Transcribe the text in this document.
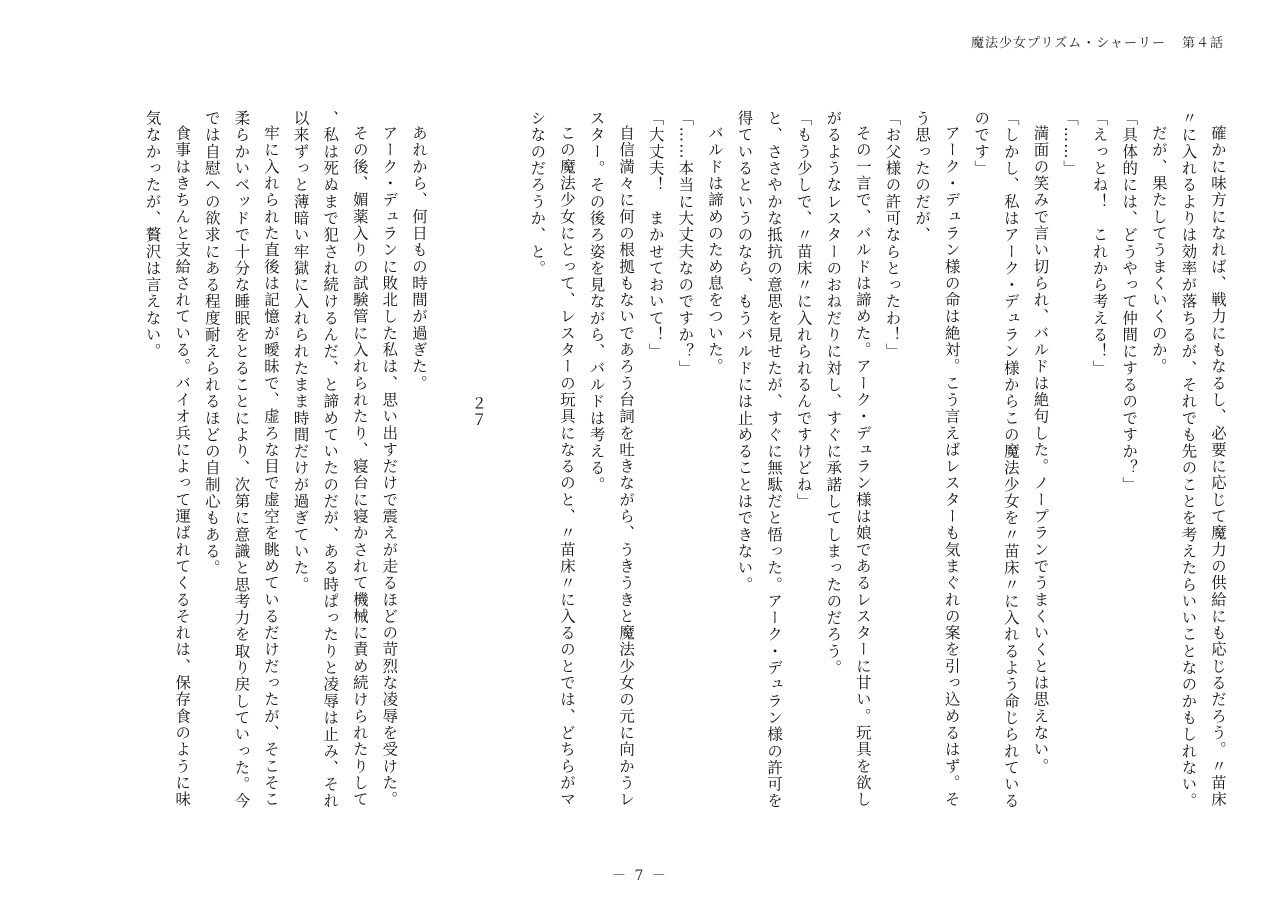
魔法少女プリズム・シャーリー 第４話

確かに味方になれば、戦力にもなるし、必要に応じて魔力の供給にも応じるだろう。〃苗床〃に入れるよりは効率が落ちるが、それでも先のことを考えたらいいことなのかもしれない。

だが、果たしてうまくいくのか。

「具体的には、どうやって仲間にするのですか？」

「えっとね！　これから考える！」

「……」

満面の笑みで言い切られ、バルドは絶句した。ノープランでうまくいくとは思えない。

「しかし、私はアーク・デュラン様からこの魔法少女を〃苗床〃に入れるよう命じられているのです」

アーク・デュラン様の命は絶対。こう言えばレスターも気まぐれの案を引っ込めるはず。そう思ったのだが、

「お父様の許可ならとったわ！」

その一言で、バルドは諦めた。アーク・デュラン様は娘であるレスターに甘い。玩具を欲しがるようなレスターのおねだりに対し、すぐに承諾してしまったのだろう。

「もう少しで、〃苗床〃に入れられるんですけどね」

と、ささやかな抵抗の意思を見せたが、すぐに無駄だと悟った。アーク・デュラン様の許可を得ているというのなら、もうバルドには止めることはできない。

バルドは諦めのため息をついた。

「……本当に大丈夫なのですか？」

「大丈夫！　まかせておいて！」

自信満々に何の根拠もないであろう台詞を吐きながら、うきうきと魔法少女の元に向かうレスター。その後ろ姿を見ながら、バルドは考える。

この魔法少女にとって、レスターの玩具になるのと、〃苗床〃に入るのとでは、どちらがマシなのだろうか、と。

２７

あれから、何日もの時間が過ぎた。

アーク・デュランに敗北した私は、思い出すだけで震えが走るほどの苛烈な凌辱を受けた。

その後、媚薬入りの試験管に入れられたり、寝台に寝かされて機械に責め続けられたりして、私は死ぬまで犯され続けるんだ、と諦めていたのだが、ある時ぱったりと凌辱は止み、それ以来ずっと薄暗い牢獄に入れられたまま時間だけが過ぎていた。

牢に入れられた直後は記憶が曖昧で、虚ろな目で虚空を眺めているだけだったが、そこそこ柔らかいベッドで十分な睡眠をとることにより、次第に意識と思考力を取り戻していった。今では自慰への欲求にある程度耐えられるほどの自制心もある。

食事はきちんと支給されている。バイオ兵によって運ばれてくるそれは、保存食のように味気なかったが、贅沢は言えない。

－ 7 －
